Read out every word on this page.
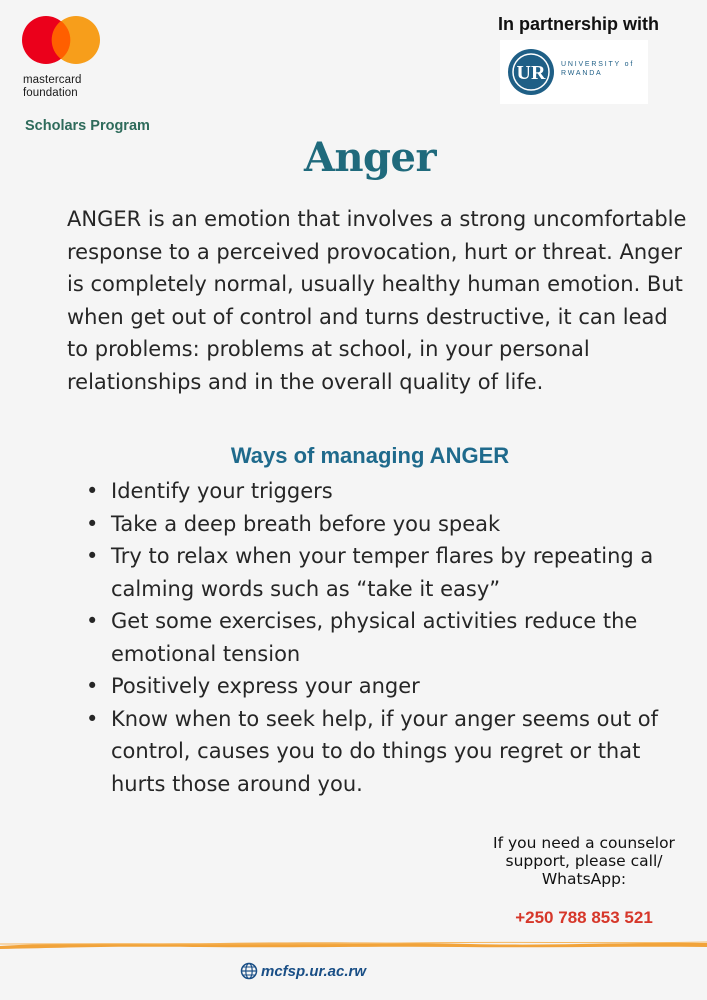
mastercard
foundation
Scholars Program
In partnership with
UR UNIVERSITY of
RWANDA
Anger
ANGER is an emotion that involves a strong uncomfortable response to a perceived provocation, hurt or threat. Anger is completely normal, usually healthy human emotion. But when get out of control and turns destructive, it can lead to problems: problems at school, in your personal relationships and in the overall quality of life.
Ways of managing ANGER
• Identify your triggers
• Take a deep breath before you speak
• Try to relax when your temper flares by repeating a calming words such as “take it easy”
• Get some exercises, physical activities reduce the emotional tension
• Positively express your anger
• Know when to seek help, if your anger seems out of control, causes you to do things you regret or that hurts those around you.
If you need a counselor
support, please call/
WhatsApp:
+250 788 853 521
mcfsp.ur.ac.rw
